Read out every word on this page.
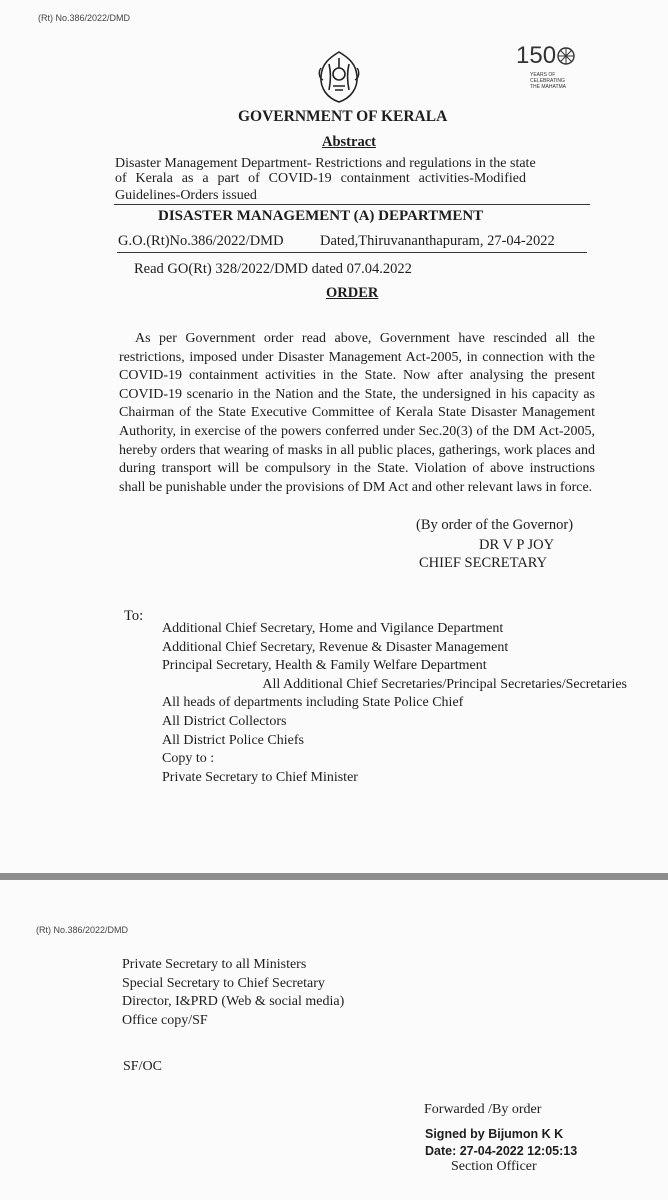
(Rt) No.386/2022/DMD
150
YEARS OF
CELEBRATING
THE MAHATMA
GOVERNMENT OF KERALA
Abstract
Disaster Management Department- Restrictions and regulations in the state
of Kerala as a part of COVID-19 containment activities-Modified
Guidelines-Orders issued
DISASTER MANAGEMENT (A) DEPARTMENT
G.O.(Rt)No.386/2022/DMD	Dated,Thiruvananthapuram, 27-04-2022
Read GO(Rt) 328/2022/DMD dated 07.04.2022
ORDER
As per Government order read above, Government have rescinded all the restrictions, imposed under Disaster Management Act-2005, in connection with the COVID-19 containment activities in the State. Now after analysing the present COVID-19 scenario in the Nation and the State, the undersigned in his capacity as Chairman of the State Executive Committee of Kerala State Disaster Management Authority, in exercise of the powers conferred under Sec.20(3) of the DM Act-2005, hereby orders that wearing of masks in all public places, gatherings, work places and during transport will be compulsory in the State. Violation of above instructions shall be punishable under the provisions of DM Act and other relevant laws in force.
(By order of the Governor)
DR V P JOY
CHIEF SECRETARY
To:
Additional Chief Secretary, Home and Vigilance Department
Additional Chief Secretary, Revenue & Disaster Management
Principal Secretary, Health & Family Welfare Department
All Additional Chief Secretaries/Principal Secretaries/Secretaries
All heads of departments including State Police Chief
All District Collectors
All District Police Chiefs
Copy to :
Private Secretary to Chief Minister
(Rt) No.386/2022/DMD
Private Secretary to all Ministers
Special Secretary to Chief Secretary
Director, I&PRD (Web & social media)
Office copy/SF
SF/OC
Forwarded /By order
Signed by Bijumon K K
Date: 27-04-2022 12:05:13
Section Officer
